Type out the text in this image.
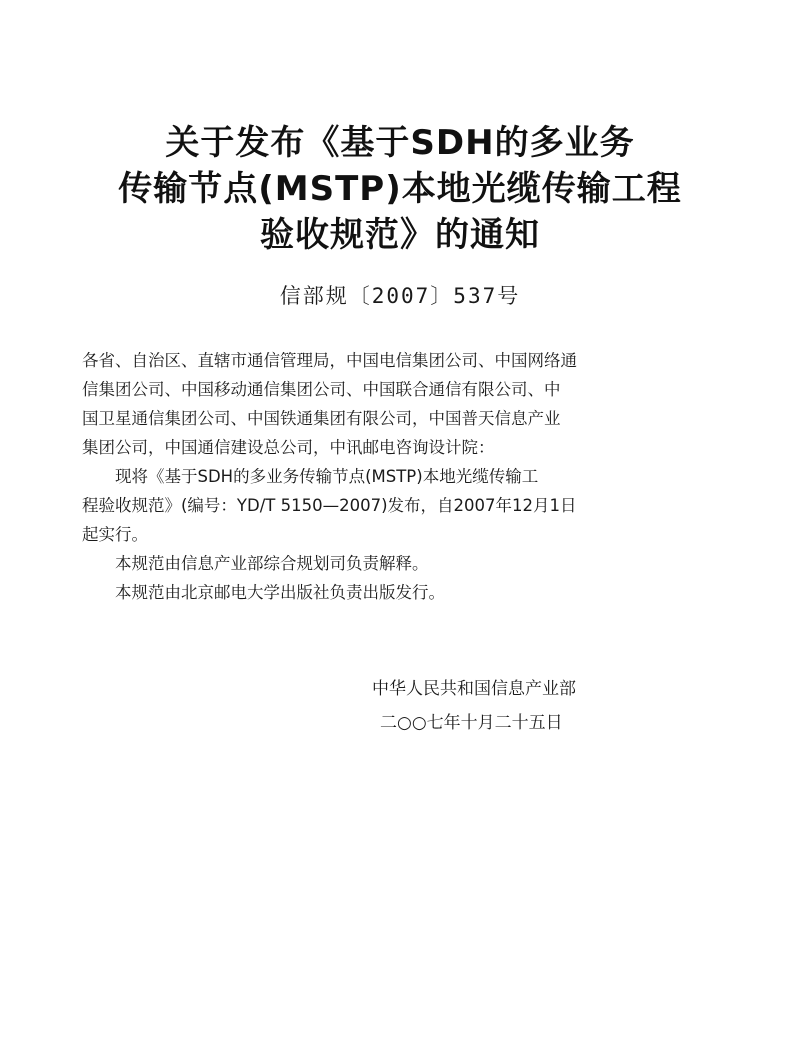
关于发布《基于SDH的多业务
传输节点(MSTP)本地光缆传输工程
验收规范》的通知
信部规〔2007〕537号

各省、自治区、直辖市通信管理局，中国电信集团公司、中国网络通

信集团公司、中国移动通信集团公司、中国联合通信有限公司、中

国卫星通信集团公司、中国铁通集团有限公司，中国普天信息产业

集团公司，中国通信建设总公司，中讯邮电咨询设计院：

现将《基于SDH的多业务传输节点(MSTP)本地光缆传输工

程验收规范》(编号：YD/T 5150—2007)发布，自2007年12月1日

起实行。

本规范由信息产业部综合规划司负责解释。

本规范由北京邮电大学出版社负责出版发行。

中华人民共和国信息产业部
二○○七年十月二十五日
